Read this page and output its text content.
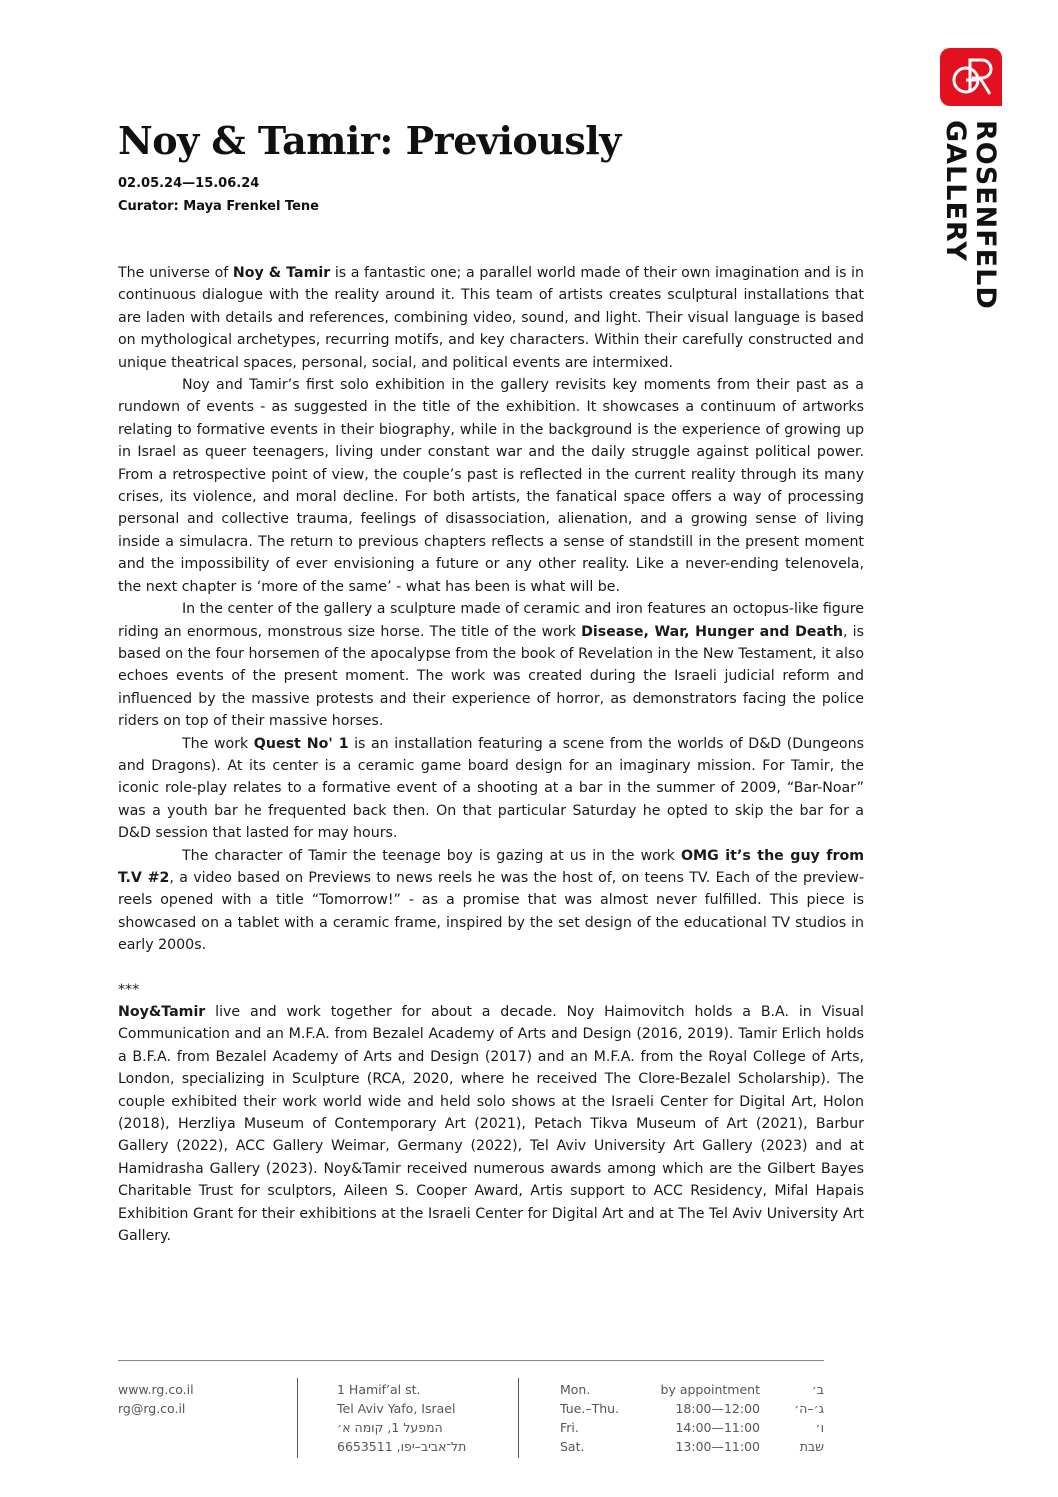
ROSENFELD
GALLERY
Noy & Tamir: Previously
02.05.24—15.06.24
Curator: Maya Frenkel Tene

The universe of Noy & Tamir is a fantastic one; a parallel world made of their own imagination and is in continuous dialogue with the reality around it. This team of artists creates sculptural installations that are laden with details and references, combining video, sound, and light. Their visual language is based on mythological archetypes, recurring motifs, and key characters. Within their carefully constructed and unique theatrical spaces, personal, social, and political events are intermixed.

Noy and Tamir’s first solo exhibition in the gallery revisits key moments from their past as a rundown of events - as suggested in the title of the exhibition. It showcases a continuum of artworks relating to formative events in their biography, while in the background is the experience of growing up in Israel as queer teenagers, living under constant war and the daily struggle against political power. From a retrospective point of view, the couple’s past is reflected in the current reality through its many crises, its violence, and moral decline. For both artists, the fanatical space offers a way of processing personal and collective trauma, feelings of disassociation, alienation, and a growing sense of living inside a simulacra. The return to previous chapters reflects a sense of standstill in the present moment and the impossibility of ever envisioning a future or any other reality. Like a never-ending telenovela, the next chapter is ‘more of the same’ - what has been is what will be.

In the center of the gallery a sculpture made of ceramic and iron features an octopus-like figure riding an enormous, monstrous size horse. The title of the work Disease, War, Hunger and Death, is based on the four horsemen of the apocalypse from the book of Revelation in the New Testament, it also echoes events of the present moment. The work was created during the Israeli judicial reform and influenced by the massive protests and their experience of horror, as demonstrators facing the police riders on top of their massive horses.

The work Quest No' 1 is an installation featuring a scene from the worlds of D&D (Dungeons and Dragons). At its center is a ceramic game board design for an imaginary mission. For Tamir, the iconic role-play relates to a formative event of a shooting at a bar in the summer of 2009, “Bar-Noar” was a youth bar he frequented back then. On that particular Saturday he opted to skip the bar for a D&D session that lasted for may hours.

The character of Tamir the teenage boy is gazing at us in the work OMG it’s the guy from T.V #2, a video based on Previews to news reels he was the host of, on teens TV. Each of the preview-reels opened with a title “Tomorrow!” - as a promise that was almost never fulfilled. This piece is showcased on a tablet with a ceramic frame, inspired by the set design of the educational TV studios in early 2000s.

***

Noy&Tamir live and work together for about a decade. Noy Haimovitch holds a B.A. in Visual Communication and an M.F.A. from Bezalel Academy of Arts and Design (2016, 2019). Tamir Erlich holds a B.F.A. from Bezalel Academy of Arts and Design (2017) and an M.F.A. from the Royal College of Arts, London, specializing in Sculpture (RCA, 2020, where he received The Clore-Bezalel Scholarship). The couple exhibited their work world wide and held solo shows at the Israeli Center for Digital Art, Holon (2018), Herzliya Museum of Contemporary Art (2021), Petach Tikva Museum of Art (2021), Barbur Gallery (2022), ACC Gallery Weimar, Germany (2022), Tel Aviv University Art Gallery (2023) and at Hamidrasha Gallery (2023). Noy&Tamir received numerous awards among which are the Gilbert Bayes Charitable Trust for sculptors, Aileen S. Cooper Award, Artis support to ACC Residency, Mifal Hapais Exhibition Grant for their exhibitions at the Israeli Center for Digital Art and at The Tel Aviv University Art Gallery.

www.rg.co.il
rg@rg.co.il
1 Hamif’al st.
Tel Aviv Yafo, Israel
המפעל 1, קומה א׳
תל־אביב–יפו, 6653511
Mon.	by appointment	ב׳
Tue.–Thu.	18:00—12:00	ג׳–ה׳
Fri.	14:00—11:00	ו׳
Sat.	13:00—11:00	שבת
